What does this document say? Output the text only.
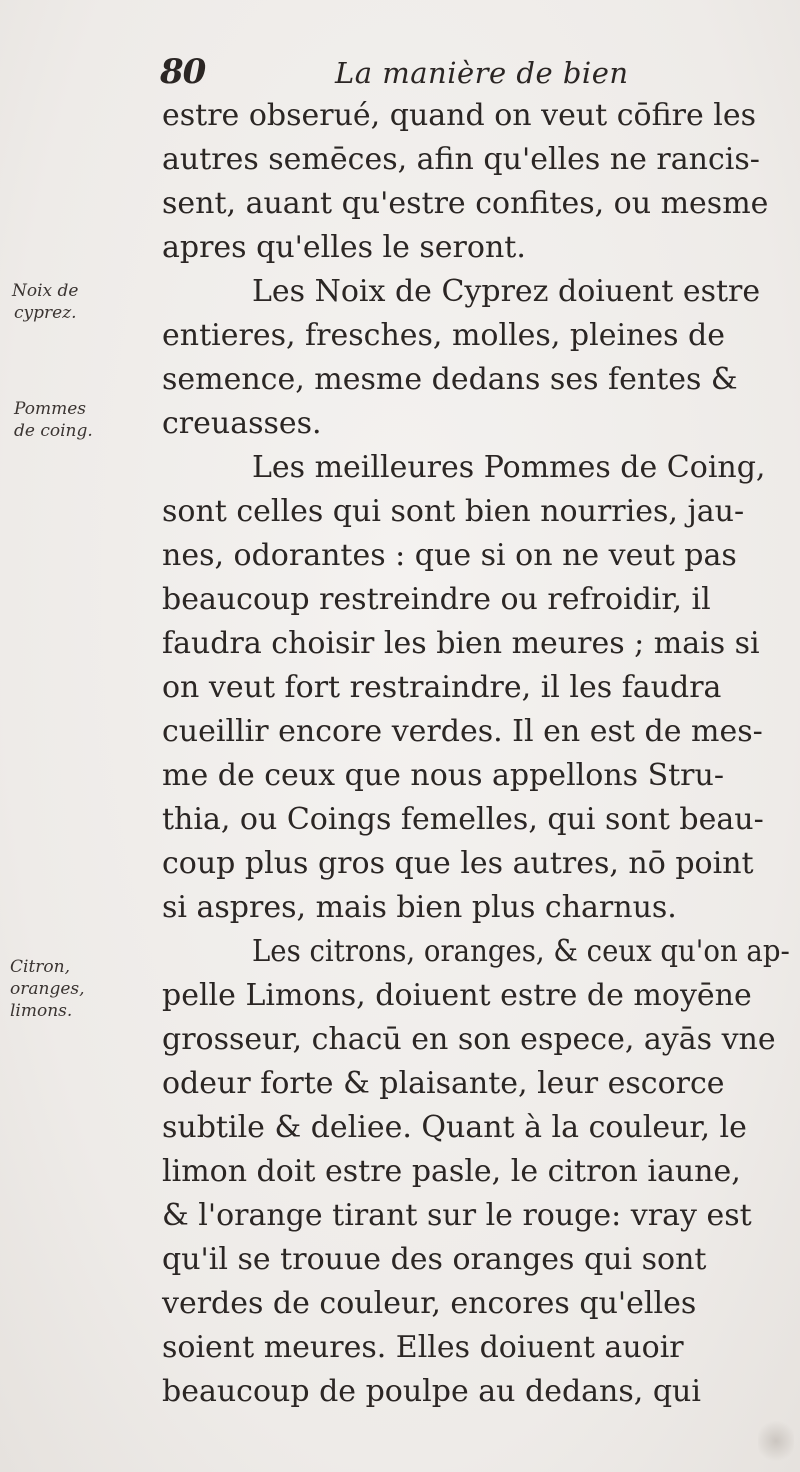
80	La manière de bien
Noix de
cyprez.
Pommes
de coing.
Citron,
oranges,
limons.
estre obserué, quand on veut cōfire les
autres semēces, afin qu'elles ne rancis-
sent, auant qu'estre confites, ou mesme
apres qu'elles le seront.
Les Noix de Cyprez doiuent estre
entieres, fresches, molles, pleines de
semence, mesme dedans ses fentes &
creuasses.
Les meilleures Pommes de Coing,
sont celles qui sont bien nourries, jau-
nes, odorantes : que si on ne veut pas
beaucoup restreindre ou refroidir, il
faudra choisir les bien meures ; mais si
on veut fort restraindre, il les faudra
cueillir encore verdes. Il en est de mes-
me de ceux que nous appellons Stru-
thia, ou Coings femelles, qui sont beau-
coup plus gros que les autres, nō point
si aspres, mais bien plus charnus.
Les citrons, oranges, & ceux qu'on ap-
pelle Limons, doiuent estre de moyēne
grosseur, chacū en son espece, ayās vne
odeur forte & plaisante, leur escorce
subtile & deliee. Quant à la couleur, le
limon doit estre pasle, le citron iaune,
& l'orange tirant sur le rouge: vray est
qu'il se trouue des oranges qui sont
verdes de couleur, encores qu'elles
soient meures. Elles doiuent auoir
beaucoup de poulpe au dedans, qui
